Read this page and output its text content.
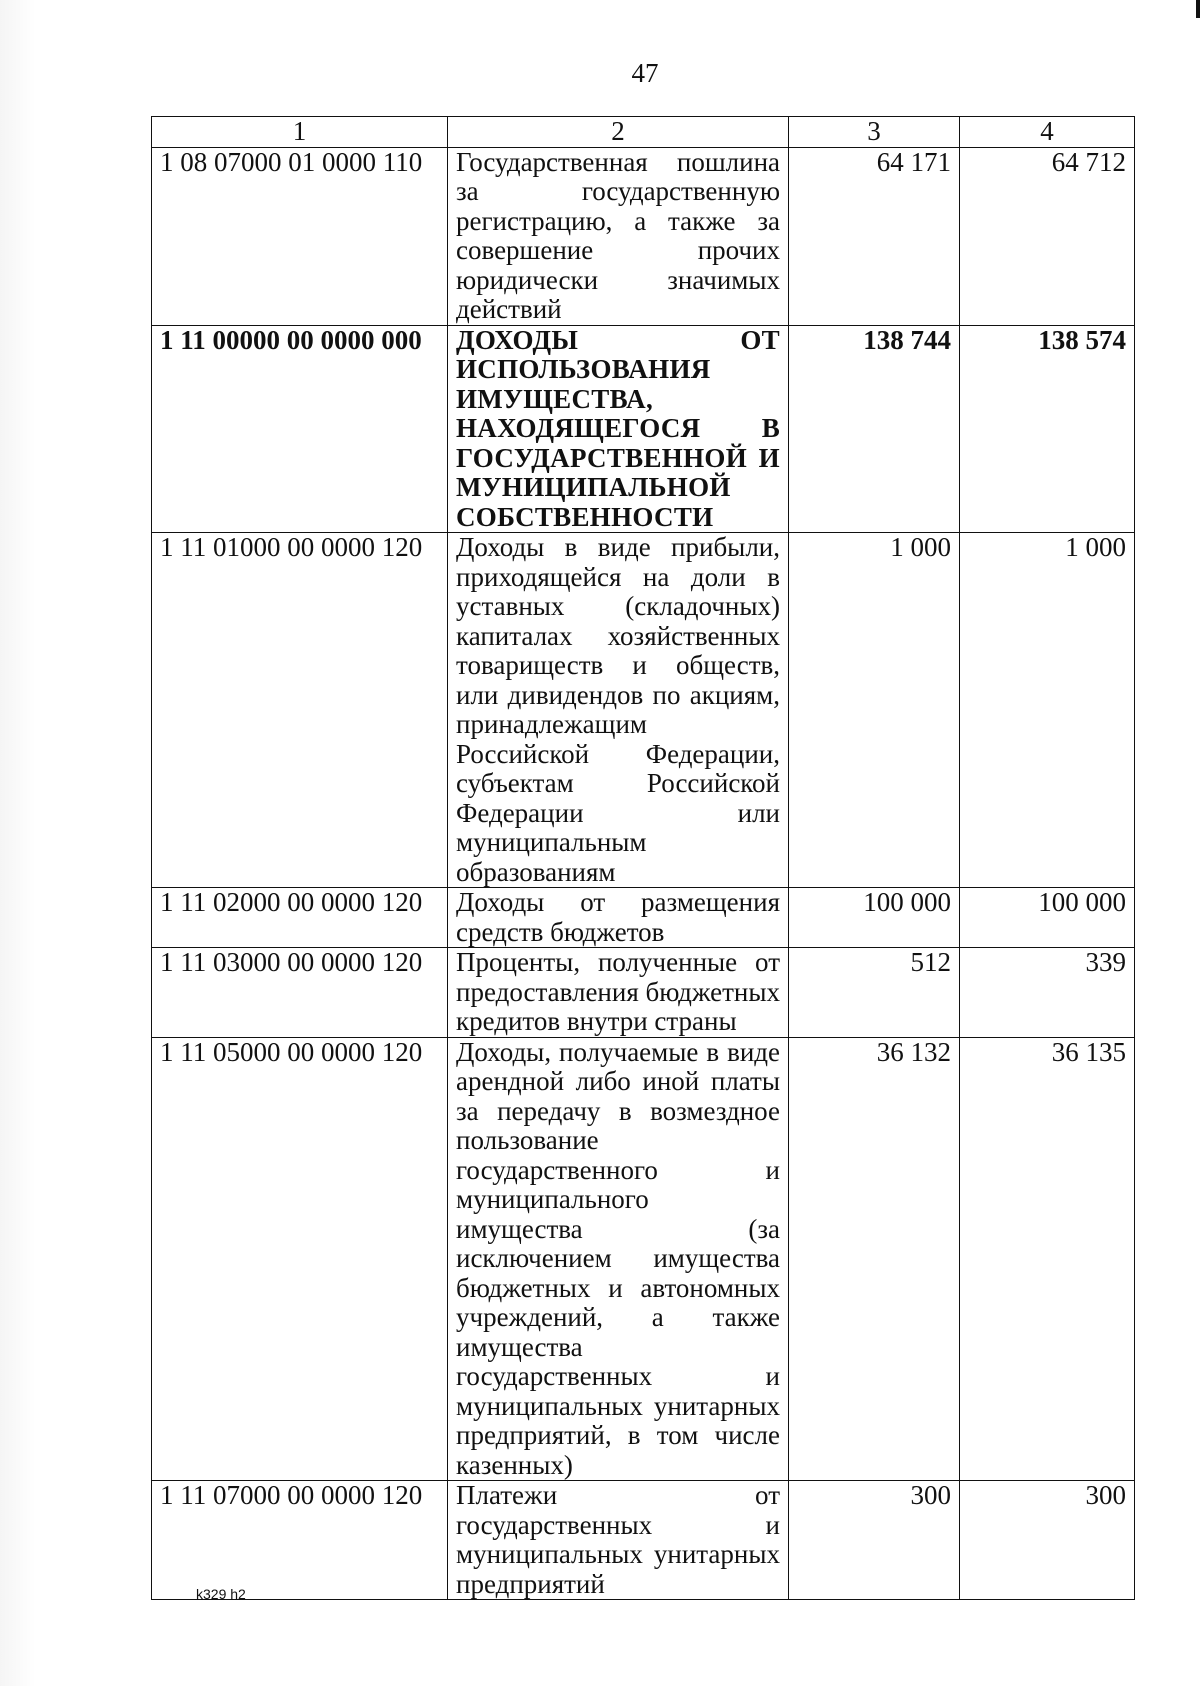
47
1	2	3	4
1 08 07000 01 0000 110	Государственная пошлина за государственную регистрацию, а также за совершение прочих юридически значимых действий	64 171	64 712
1 11 00000 00 0000 000	ДОХОДЫ ОТ ИСПОЛЬЗОВАНИЯ ИМУЩЕСТВА, НАХОДЯЩЕГОСЯ В ГОСУДАРСТВЕННОЙ И МУНИЦИПАЛЬНОЙ СОБСТВЕННОСТИ	138 744	138 574
1 11 01000 00 0000 120	Доходы в виде прибыли, приходящейся на доли в уставных (складочных) капиталах хозяйственных товариществ и обществ, или дивидендов по акциям, принадлежащим Российской Федерации, субъектам Российской Федерации или муниципальным образованиям	1 000	1 000
1 11 02000 00 0000 120	Доходы от размещения средств бюджетов	100 000	100 000
1 11 03000 00 0000 120	Проценты, полученные от предоставления бюджетных кредитов внутри страны	512	339
1 11 05000 00 0000 120	Доходы, получаемые в виде арендной либо иной платы за передачу в возмездное пользование государственного и муниципального имущества (за исключением имущества бюджетных и автономных учреждений, а также имущества государственных и муниципальных унитарных предприятий, в том числе казенных)	36 132	36 135
1 11 07000 00 0000 120	Платежи от государственных и муниципальных унитарных предприятий	300	300
k329 h2
